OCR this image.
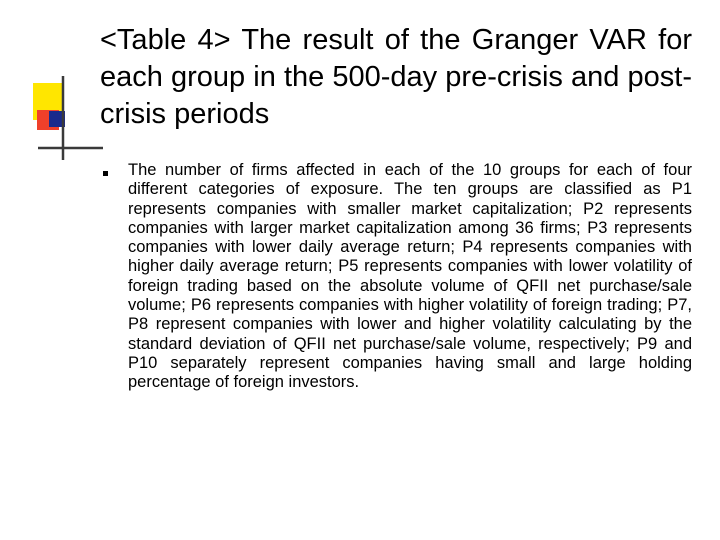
<Table 4> The result of the Granger VAR for each group in the 500-day pre-crisis and post-crisis periods
The number of firms affected in each of the 10 groups for each of four different categories of exposure. The ten groups are classified as P1 represents companies with smaller market capitalization; P2 represents companies with larger market capitalization among 36 firms; P3 represents companies with lower daily average return; P4 represents companies with higher daily average return; P5 represents companies with lower volatility of foreign trading based on the absolute volume of QFII net purchase/sale volume; P6 represents companies with higher volatility of foreign trading; P7, P8 represent companies with lower and higher volatility calculating by the standard deviation of QFII net purchase/sale volume, respectively; P9 and P10 separately represent companies having small and large holding percentage of foreign investors.
